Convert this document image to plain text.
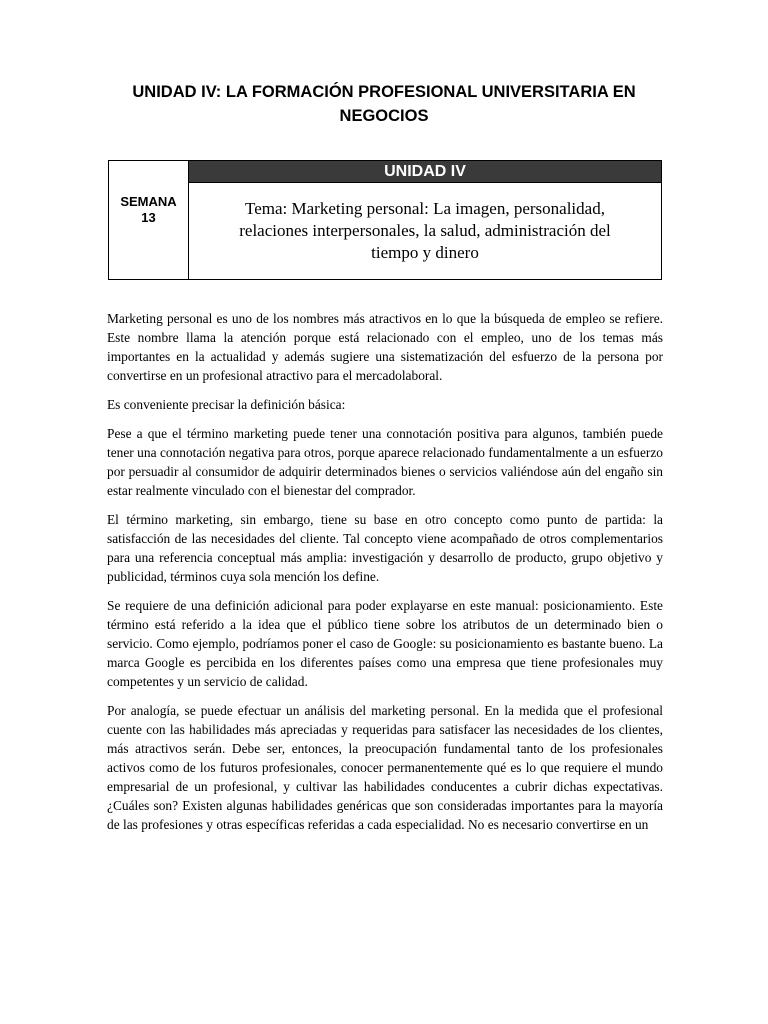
UNIDAD IV: LA FORMACIÓN PROFESIONAL UNIVERSITARIA EN NEGOCIOS
SEMANA
13
UNIDAD IV
Tema: Marketing personal: La imagen, personalidad, relaciones interpersonales, la salud, administración del tiempo y dinero

Marketing personal es uno de los nombres más atractivos en lo que la búsqueda de empleo se refiere. Este nombre llama la atención porque está relacionado con el empleo, uno de los temas más importantes en la actualidad y además sugiere una sistematización del esfuerzo de la persona por convertirse en un profesional atractivo para el mercadolaboral.

Es conveniente precisar la definición básica:

Pese a que el término marketing puede tener una connotación positiva para algunos, también puede tener una connotación negativa para otros, porque aparece relacionado fundamentalmente a un esfuerzo por persuadir al consumidor de adquirir determinados bienes o servicios valiéndose aún del engaño sin estar realmente vinculado con el bienestar del comprador.

El término marketing, sin embargo, tiene su base en otro concepto como punto de partida: la satisfacción de las necesidades del cliente. Tal concepto viene acompañado de otros complementarios para una referencia conceptual más amplia: investigación y desarrollo de producto, grupo objetivo y publicidad, términos cuya sola mención los define.

Se requiere de una definición adicional para poder explayarse en este manual: posicionamiento. Este término está referido a la idea que el público tiene sobre los atributos de un determinado bien o servicio. Como ejemplo, podríamos poner el caso de Google: su posicionamiento es bastante bueno. La marca Google es percibida en los diferentes países como una empresa que tiene profesionales muy competentes y un servicio de calidad.

Por analogía, se puede efectuar un análisis del marketing personal. En la medida que el profesional cuente con las habilidades más apreciadas y requeridas para satisfacer las necesidades de los clientes, más atractivos serán. Debe ser, entonces, la preocupación fundamental tanto de los profesionales activos como de los futuros profesionales, conocer permanentemente qué es lo que requiere el mundo empresarial de un profesional, y cultivar las habilidades conducentes a cubrir dichas expectativas. ¿Cuáles son? Existen algunas habilidades genéricas que son consideradas importantes para la mayoría de las profesiones y otras específicas referidas a cada especialidad. No es necesario convertirse en un
